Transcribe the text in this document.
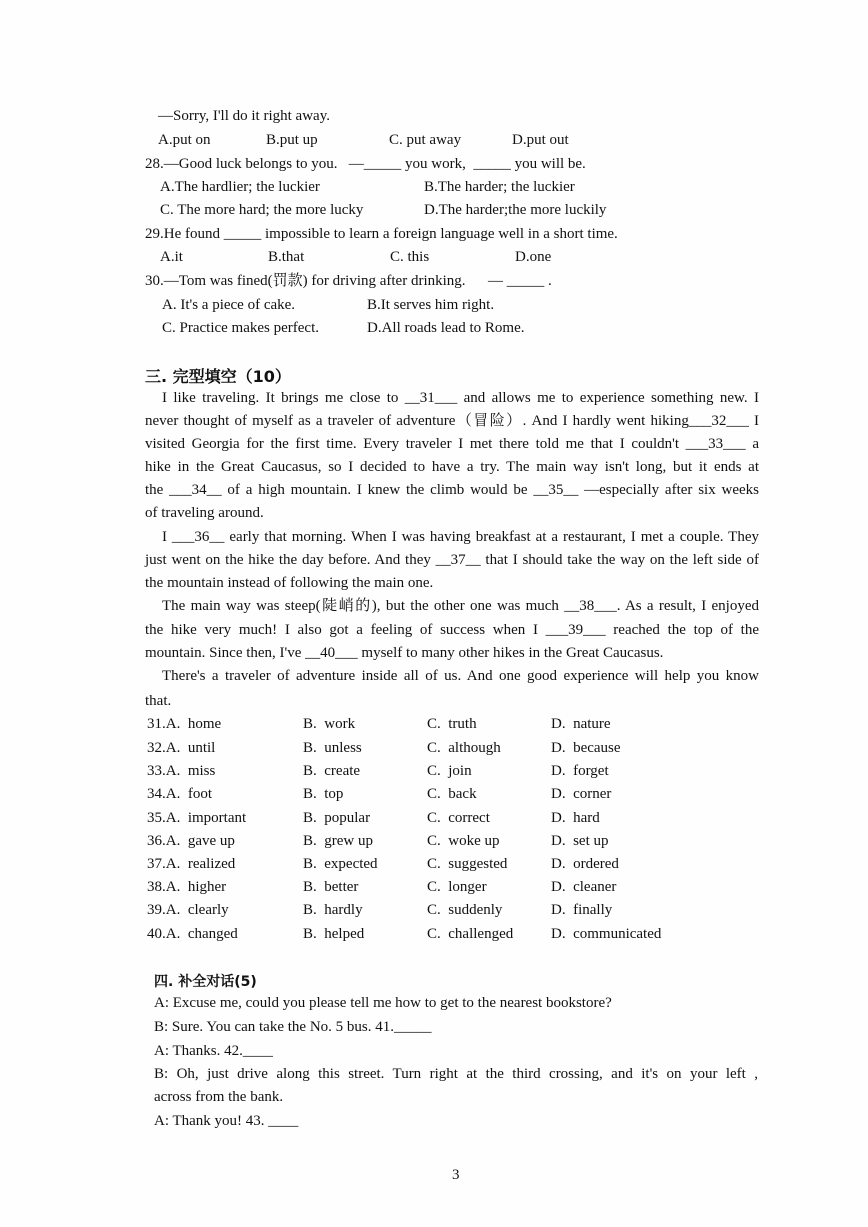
—Sorry, I'll do it right away.
A.put on	B.put up	C. put away	D.put out
28.—Good luck belongs to you.   —_____ you work,  _____ you will be.
A.The hardlier; the luckier	B.The harder; the luckier
C. The more hard; the more lucky	D.The harder;the more luckily
29.He found _____ impossible to learn a foreign language well in a short time.
A.it	B.that	C. this	D.one
30.—Tom was fined(罚款) for driving after drinking.      — _____ .
A. It's a piece of cake.	B.It serves him right.
C. Practice makes perfect.	D.All roads lead to Rome.
三. 完型填空（10）
I like traveling. It brings me close to __31___ and allows me to experience something new. I
never thought of myself as a traveler of adventure（冒险）. And I hardly went hiking___32___ I
visited Georgia for the first time. Every traveler I met there told me that I couldn't ___33___ a
hike in the Great Caucasus, so I decided to have a try. The main way isn't long, but it ends at
the ___34__ of a high mountain. I knew the climb would be __35__ —especially after six weeks
of traveling around.
I ___36__ early that morning. When I was having breakfast at a restaurant, I met a couple. They
just went on the hike the day before. And they __37__ that I should take the way on the left side of
the mountain instead of following the main one.
The main way was steep(陡峭的), but the other one was much __38___. As a result, I enjoyed
the hike very much! I also got a feeling of success when I ___39___ reached the top of the
mountain. Since then, I've __40___ myself to many other hikes in the Great Caucasus.
There's a traveler of adventure inside all of us. And one good experience will help you know
that.
31.A.  home	B.  work	C.  truth	D.  nature
32.A.  until	B.  unless	C.  although	D.  because
33.A.  miss	B.  create	C.  join	D.  forget
34.A.  foot	B.  top	C.  back	D.  corner
35.A.  important	B.  popular	C.  correct	D.  hard
36.A.  gave up	B.  grew up	C.  woke up	D.  set up
37.A.  realized	B.  expected	C.  suggested	D.  ordered
38.A.  higher	B.  better	C.  longer	D.  cleaner
39.A.  clearly	B.  hardly	C.  suddenly	D.  finally
40.A.  changed	B.  helped	C.  challenged	D.  communicated
四. 补全对话(5)
A: Excuse me, could you please tell me how to get to the nearest bookstore?
B: Sure. You can take the No. 5 bus. 41._____
A: Thanks. 42.____
B: Oh, just drive along this street. Turn right at the third crossing, and it's on your left ,
across from the bank.
A: Thank you! 43. ____
3
